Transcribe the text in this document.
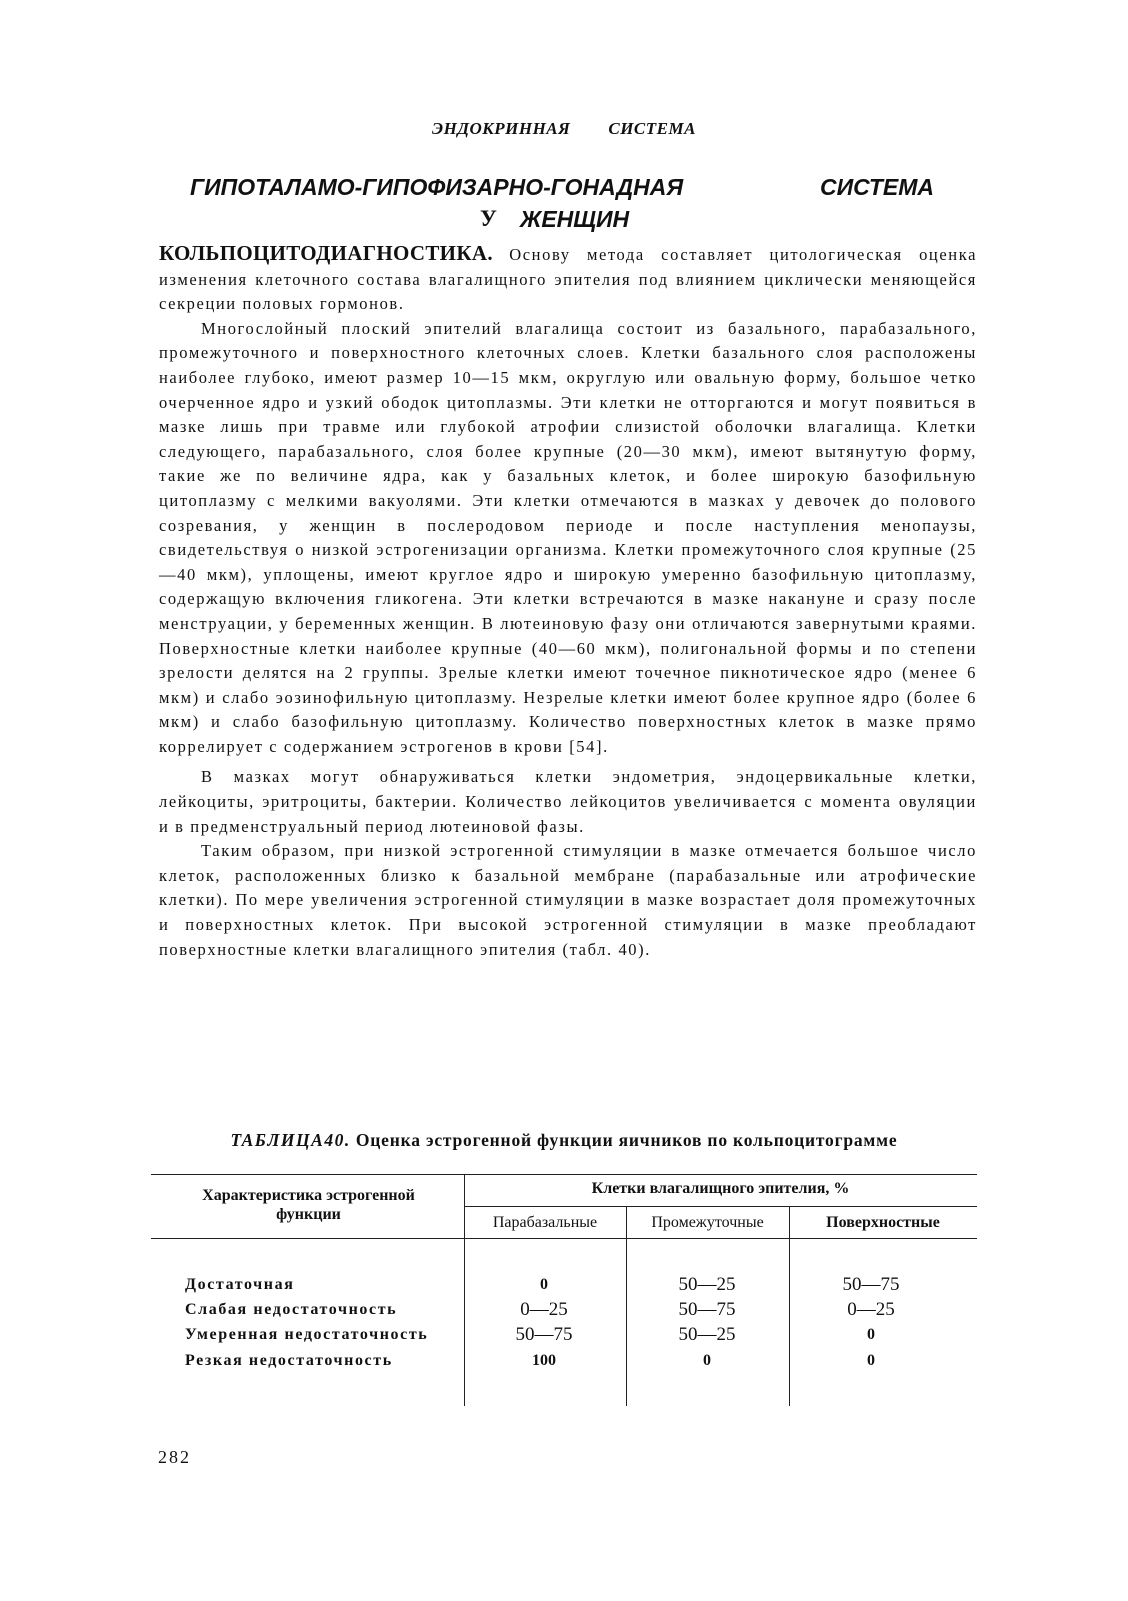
ЭНДОКРИННАЯ СИСТЕМА
ГИПОТАЛАМО-ГИПОФИЗАРНО-ГОНАДНАЯ	СИСТЕМА
У ЖЕНЩИН

КОЛЬПОЦИТОДИАГНОСТИКА. Основу метода составляет цитологическая оценка изменения клеточного состава влагалищного эпителия под влиянием циклически меняющейся секреции половых гормонов.

Многослойный плоский эпителий влагалища состоит из базального, парабазального, промежуточного и поверхностного клеточных слоев. Клетки базального слоя расположены наиболее глубоко, имеют размер 10—15 мкм, округлую или овальную форму, большое четко очерченное ядро и узкий ободок цитоплазмы. Эти клетки не отторгаются и могут появиться в мазке лишь при травме или глубокой атрофии слизистой оболочки влагалища. Клетки следующего, парабазального, слоя более крупные (20—30 мкм), имеют вытянутую форму, такие же по величине ядра, как у базальных клеток, и более широкую базофильную цитоплазму с мелкими вакуолями. Эти клетки отмечаются в мазках у девочек до полового созревания, у женщин в послеродовом периоде и после наступления менопаузы, свидетельствуя о низкой эстрогенизации организма. Клетки промежуточного слоя крупные (25—40 мкм), уплощены, имеют круглое ядро и широкую умеренно базофильную цитоплазму, содержащую включения гликогена. Эти клетки встречаются в мазке накануне и сразу после менструации, у беременных женщин. В лютеиновую фазу они отличаются завернутыми краями. Поверхностные клетки наиболее крупные (40—60 мкм), полигональной формы и по степени зрелости делятся на 2 группы. Зрелые клетки имеют точечное пикнотическое ядро (менее 6 мкм) и слабо эозинофильную цитоплазму. Незрелые клетки имеют более крупное ядро (более 6 мкм) и слабо базофильную цитоплазму. Количество поверхностных клеток в мазке прямо коррелирует с содержанием эстрогенов в крови [54].

В мазках могут обнаруживаться клетки эндометрия, эндоцервикальные клетки, лейкоциты, эритроциты, бактерии. Количество лейкоцитов увеличивается с момента овуляции и в предменструальный период лютеиновой фазы.

Таким образом, при низкой эстрогенной стимуляции в мазке отмечается большое число клеток, расположенных близко к базальной мембране (парабазальные или атрофические клетки). По мере увеличения эстрогенной стимуляции в мазке возрастает доля промежуточных и поверхностных клеток. При высокой эстрогенной стимуляции в мазке преобладают поверхностные клетки влагалищного эпителия (табл. 40).

ТАБЛИЦА40. Оценка эстрогенной функции яичников по кольпоцитограмме
Характеристика эстрогенной функции
Клетки влагалищного эпителия, %
Парабазальные	Промежуточные	Поверхностные
Достаточная	0	50—25	50—75
Слабая недостаточность	0—25	50—75	0—25
Умеренная недостаточность	50—75	50—25	0
Резкая недостаточность	100	0	0
282
